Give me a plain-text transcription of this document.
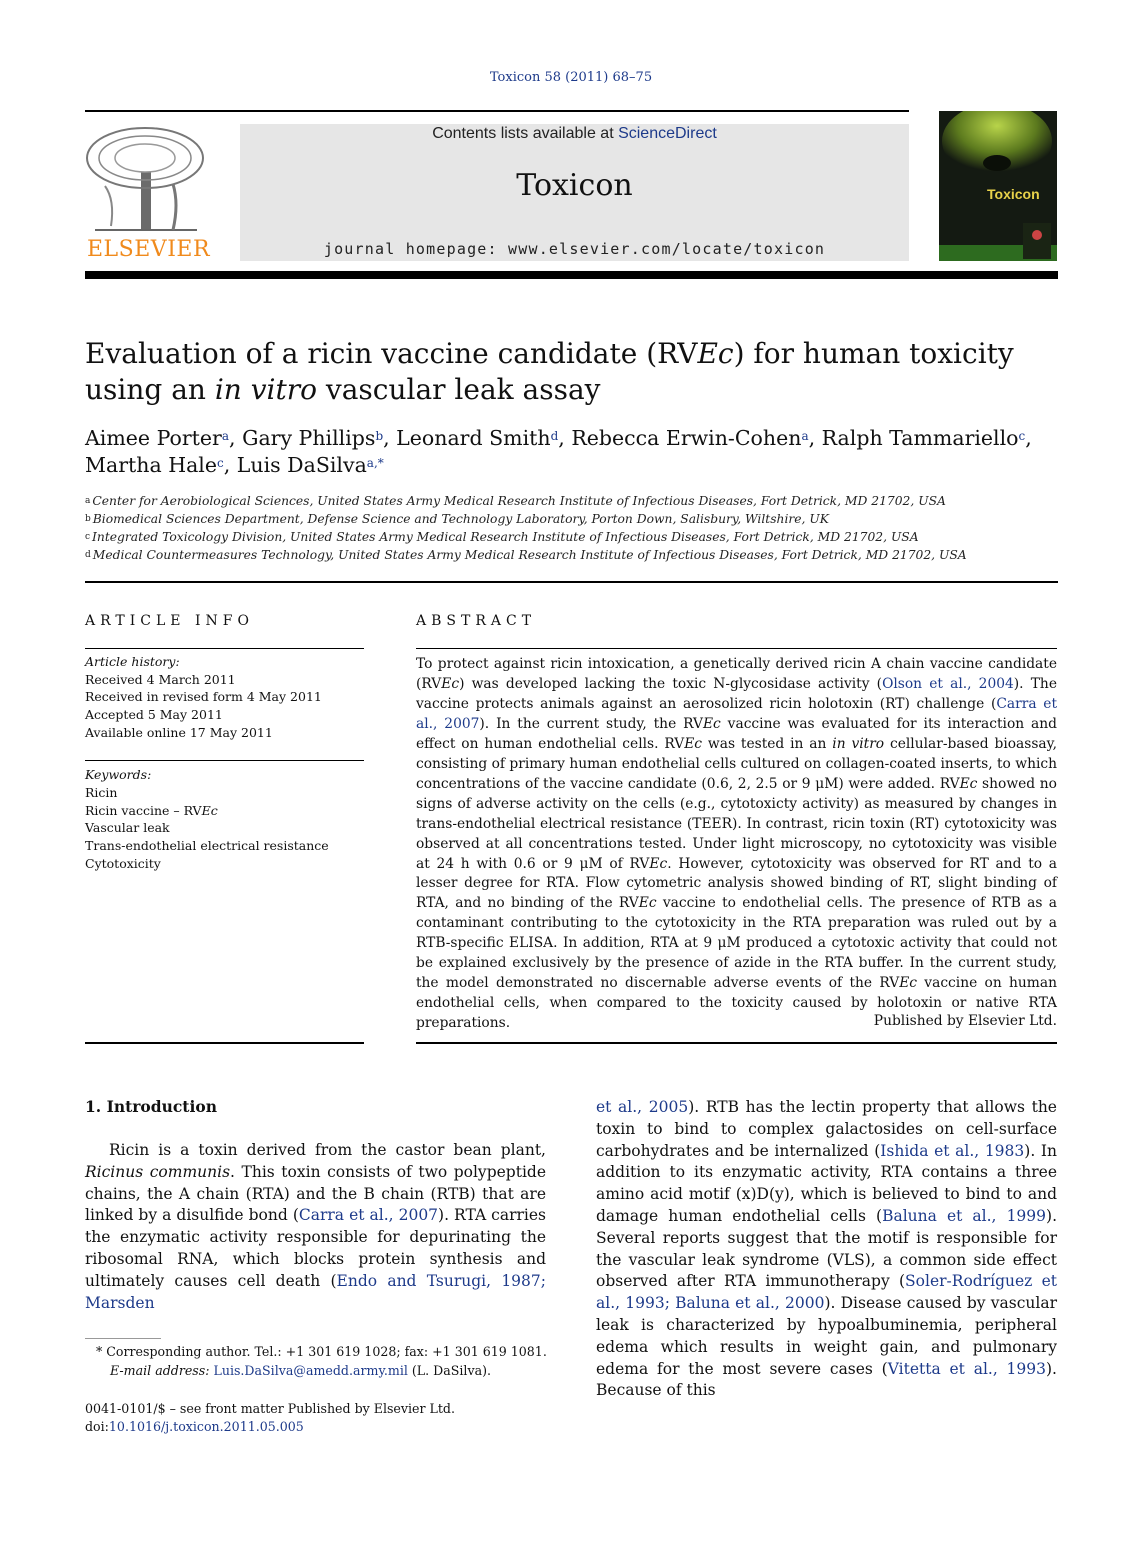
Toxicon 58 (2011) 68–75
ELSEVIER
Contents lists available at ScienceDirect
Toxicon
journal homepage: www.elsevier.com/locate/toxicon
Toxicon
Evaluation of a ricin vaccine candidate (RVEc) for human toxicity using an in vitro vascular leak assay
Aimee Porter$^a$, Gary Phillips$^b$, Leonard Smith$^d$, Rebecca Erwin-Cohen$^a$, Ralph Tammariello$^c$,
Martha Hale$^c$, Luis DaSilva$^{a,*}$
$^a$ Center for Aerobiological Sciences, United States Army Medical Research Institute of Infectious Diseases, Fort Detrick, MD 21702, USA
$^b$ Biomedical Sciences Department, Defense Science and Technology Laboratory, Porton Down, Salisbury, Wiltshire, UK
$^c$ Integrated Toxicology Division, United States Army Medical Research Institute of Infectious Diseases, Fort Detrick, MD 21702, USA
$^d$ Medical Countermeasures Technology, United States Army Medical Research Institute of Infectious Diseases, Fort Detrick, MD 21702, USA
ARTICLE INFO
Article history:
Received 4 March 2011
Received in revised form 4 May 2011
Accepted 5 May 2011
Available online 17 May 2011
Keywords:
Ricin
Ricin vaccine – RVEc
Vascular leak
Trans-endothelial electrical resistance
Cytotoxicity
ABSTRACT
To protect against ricin intoxication, a genetically derived ricin A chain vaccine candidate (RVEc) was developed lacking the toxic N-glycosidase activity (Olson et al., 2004). The vaccine protects animals against an aerosolized ricin holotoxin (RT) challenge (Carra et al., 2007). In the current study, the RVEc vaccine was evaluated for its interaction and effect on human endothelial cells. RVEc was tested in an in vitro cellular-based bioassay, consisting of primary human endothelial cells cultured on collagen-coated inserts, to which concentrations of the vaccine candidate (0.6, 2, 2.5 or 9 μM) were added. RVEc showed no signs of adverse activity on the cells (e.g., cytotoxicty activity) as measured by changes in trans-endothelial electrical resistance (TEER). In contrast, ricin toxin (RT) cytotoxicity was observed at all concentrations tested. Under light microscopy, no cytotoxicity was visible at 24 h with 0.6 or 9 μM of RVEc. However, cytotoxicity was observed for RT and to a lesser degree for RTA. Flow cytometric analysis showed binding of RT, slight binding of RTA, and no binding of the RVEc vaccine to endothelial cells. The presence of RTB as a contaminant contributing to the cytotoxicity in the RTA preparation was ruled out by a RTB-specific ELISA. In addition, RTA at 9 μM produced a cytotoxic activity that could not be explained exclusively by the presence of azide in the RTA buffer. In the current study, the model demonstrated no discernable adverse events of the RVEc vaccine on human endothelial cells, when compared to the toxicity caused by holotoxin or native RTA preparations.	Published by Elsevier Ltd.
1. Introduction
Ricin is a toxin derived from the castor bean plant, Ricinus communis. This toxin consists of two polypeptide chains, the A chain (RTA) and the B chain (RTB) that are linked by a disulfide bond (Carra et al., 2007). RTA carries the enzymatic activity responsible for depurinating the ribosomal RNA, which blocks protein synthesis and ultimately causes cell death (Endo and Tsurugi, 1987; Marsden
et al., 2005). RTB has the lectin property that allows the toxin to bind to complex galactosides on cell-surface carbohydrates and be internalized (Ishida et al., 1983). In addition to its enzymatic activity, RTA contains a three amino acid motif (x)D(y), which is believed to bind to and damage human endothelial cells (Baluna et al., 1999). Several reports suggest that the motif is responsible for the vascular leak syndrome (VLS), a common side effect observed after RTA immunotherapy (Soler-Rodríguez et al., 1993; Baluna et al., 2000). Disease caused by vascular leak is characterized by hypoalbuminemia, peripheral edema which results in weight gain, and pulmonary edema for the most severe cases (Vitetta et al., 1993). Because of this
* Corresponding author. Tel.: +1 301 619 1028; fax: +1 301 619 1081.
E-mail address: Luis.DaSilva@amedd.army.mil (L. DaSilva).
0041-0101/$ – see front matter Published by Elsevier Ltd.
doi:10.1016/j.toxicon.2011.05.005
